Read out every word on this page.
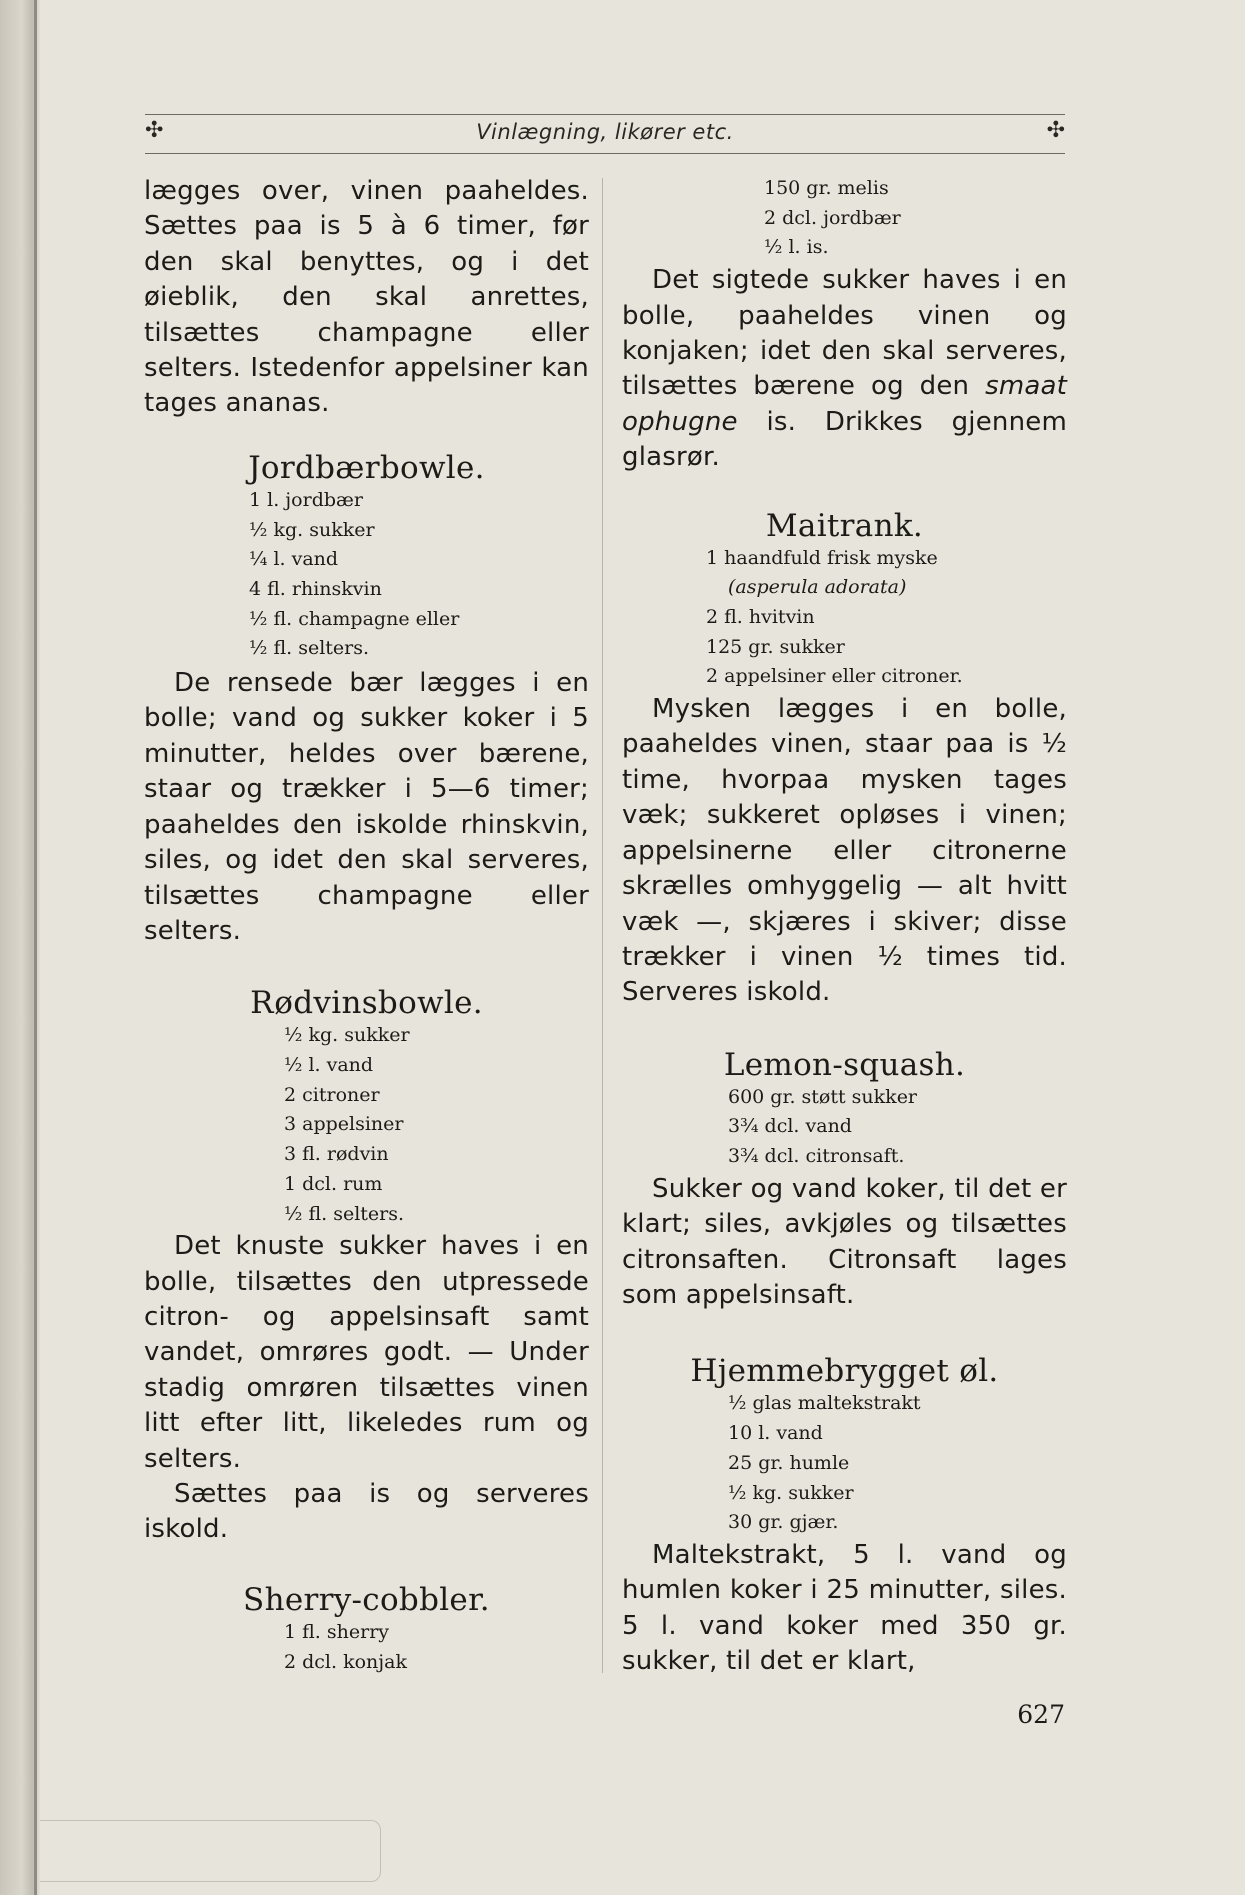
✣	Vinlægning, likører etc.	✣

lægges over, vinen paaheldes. Sættes paa is 5 à 6 timer, før den skal benyttes, og i det øieblik, den skal anrettes, tilsættes champagne eller selters. Istedenfor appelsiner kan tages ananas.

Jordbærbowle.
1 l. jordbær
½ kg. sukker
¼ l. vand
4 fl. rhinskvin
½ fl. champagne eller
½ fl. selters.

De rensede bær lægges i en bolle; vand og sukker koker i 5 minutter, heldes over bærene, staar og trækker i 5—6 timer; paaheldes den iskolde rhinskvin, siles, og idet den skal serveres, tilsættes champagne eller selters.

Rødvinsbowle.
½ kg. sukker
½ l. vand
2 citroner
3 appelsiner
3 fl. rødvin
1 dcl. rum
½ fl. selters.

Det knuste sukker haves i en bolle, tilsættes den utpressede citron- og appelsinsaft samt vandet, omrøres godt. — Under stadig omrøren tilsættes vinen litt efter litt, likeledes rum og selters.

Sættes paa is og serveres iskold.

Sherry-cobbler.
1 fl. sherry
2 dcl. konjak
150 gr. melis
2 dcl. jordbær
½ l. is.

Det sigtede sukker haves i en bolle, paaheldes vinen og konjaken; idet den skal serveres, tilsættes bærene og den smaat ophugne is. Drikkes gjennem glasrør.

Maitrank.
1 haandfuld frisk myske
(asperula adorata)
2 fl. hvitvin
125 gr. sukker
2 appelsiner eller citroner.

Mysken lægges i en bolle, paaheldes vinen, staar paa is ½ time, hvorpaa mysken tages væk; sukkeret opløses i vinen; appelsinerne eller citronerne skrælles omhyggelig — alt hvitt væk —, skjæres i skiver; disse trækker i vinen ½ times tid. Serveres iskold.

Lemon-squash.
600 gr. støtt sukker
3¾ dcl. vand
3¾ dcl. citronsaft.

Sukker og vand koker, til det er klart; siles, avkjøles og tilsættes citronsaften. Citronsaft lages som appelsinsaft.

Hjemmebrygget øl.
½ glas maltekstrakt
10 l. vand
25 gr. humle
½ kg. sukker
30 gr. gjær.

Maltekstrakt, 5 l. vand og humlen koker i 25 minutter, siles. 5 l. vand koker med 350 gr. sukker, til det er klart,

627
